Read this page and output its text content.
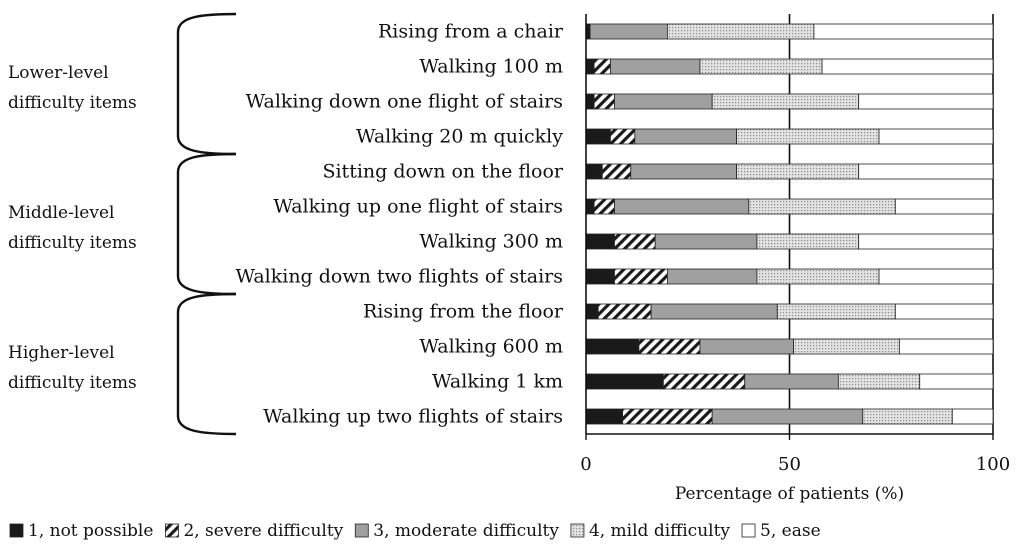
Rising from a chair
Walking 100 m
Walking down one flight of stairs
Walking 20 m quickly
Sitting down on the floor
Walking up one flight of stairs
Walking 300 m
Walking down two flights of stairs
Rising from the floor
Walking 600 m
Walking 1 km
Walking up two flights of stairs
Lower-level
difficulty items
Middle-level
difficulty items
Higher-level
difficulty items
0	50	100
Percentage of patients (%)
1, not possible 2, severe difficulty 3, moderate difficulty 4, mild difficulty 5, ease
